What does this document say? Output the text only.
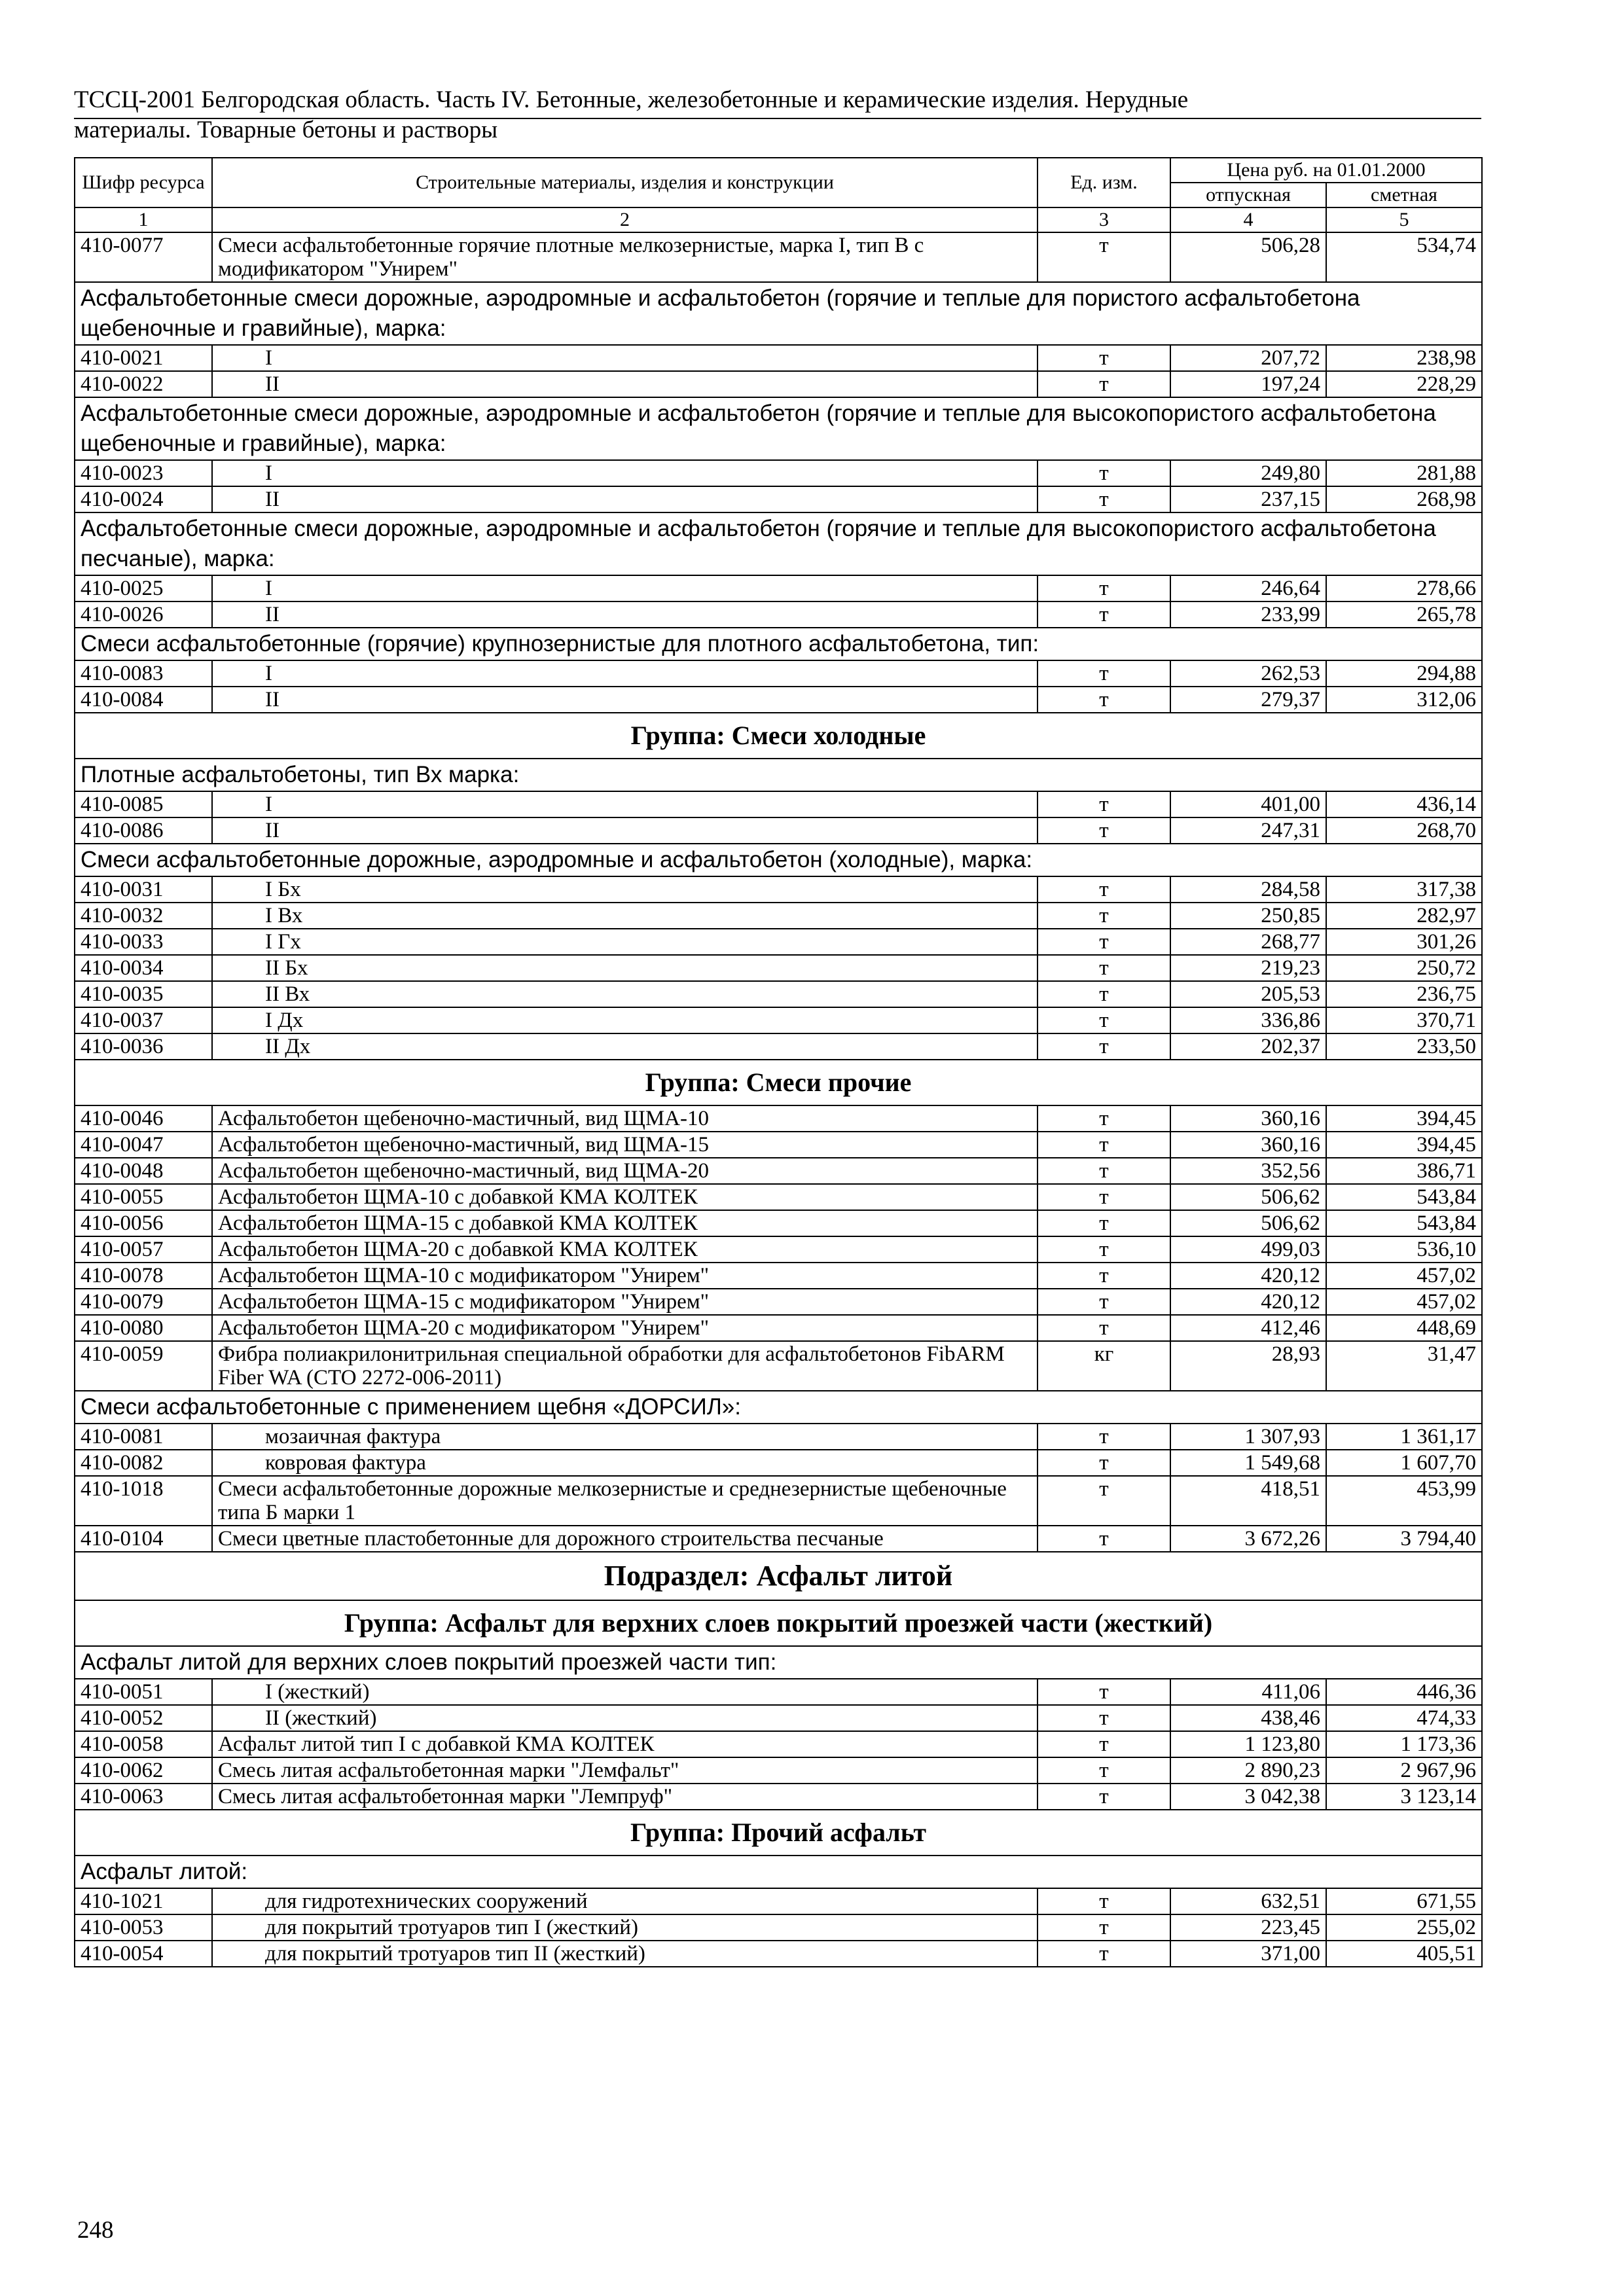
ТССЦ-2001 Белгородская область. Часть IV. Бетонные, железобетонные и керамические изделия. Нерудные
материалы. Товарные бетоны и растворы
Шифр ресурса	Строительные материалы, изделия и конструкции	Ед. изм.	Цена руб. на 01.01.2000	
			отпускная	сметная
1	2	3	4	5
410-0077	Смеси асфальтобетонные горячие плотные мелкозернистые, марка I, тип В с модификатором "Унирем"	т	506,28	534,74
Асфальтобетонные смеси дорожные, аэродромные и асфальтобетон (горячие и теплые для пористого асфальтобетона щебеночные и гравийные), марка:				
410-0021	I	т	207,72	238,98
410-0022	II	т	197,24	228,29
Асфальтобетонные смеси дорожные, аэродромные и асфальтобетон (горячие и теплые для высокопористого асфальтобетона щебеночные и гравийные), марка:				
410-0023	I	т	249,80	281,88
410-0024	II	т	237,15	268,98
Асфальтобетонные смеси дорожные, аэродромные и асфальтобетон (горячие и теплые для высокопористого асфальтобетона песчаные), марка:				
410-0025	I	т	246,64	278,66
410-0026	II	т	233,99	265,78
Смеси асфальтобетонные (горячие) крупнозернистые для плотного асфальтобетона, тип:				
410-0083	I	т	262,53	294,88
410-0084	II	т	279,37	312,06
Группа: Смеси холодные				
Плотные асфальтобетоны, тип Вх марка:				
410-0085	I	т	401,00	436,14
410-0086	II	т	247,31	268,70
Смеси асфальтобетонные дорожные, аэродромные и асфальтобетон (холодные), марка:				
410-0031	I Бх	т	284,58	317,38
410-0032	I Вх	т	250,85	282,97
410-0033	I Гх	т	268,77	301,26
410-0034	II Бх	т	219,23	250,72
410-0035	II Вх	т	205,53	236,75
410-0037	I Дх	т	336,86	370,71
410-0036	II Дх	т	202,37	233,50
Группа: Смеси прочие				
410-0046	Асфальтобетон щебеночно-мастичный, вид ЩМА-10	т	360,16	394,45
410-0047	Асфальтобетон щебеночно-мастичный, вид ЩМА-15	т	360,16	394,45
410-0048	Асфальтобетон щебеночно-мастичный, вид ЩМА-20	т	352,56	386,71
410-0055	Асфальтобетон ЩМА-10 с добавкой КМА КОЛТЕК	т	506,62	543,84
410-0056	Асфальтобетон ЩМА-15 с добавкой КМА КОЛТЕК	т	506,62	543,84
410-0057	Асфальтобетон ЩМА-20 с добавкой КМА КОЛТЕК	т	499,03	536,10
410-0078	Асфальтобетон ЩМА-10 с модификатором "Унирем"	т	420,12	457,02
410-0079	Асфальтобетон ЩМА-15 с модификатором "Унирем"	т	420,12	457,02
410-0080	Асфальтобетон ЩМА-20 с модификатором "Унирем"	т	412,46	448,69
410-0059	Фибра полиакрилонитрильная специальной обработки для асфальтобетонов FibARM Fiber WA (СТО 2272-006-2011)	кг	28,93	31,47
Смеси асфальтобетонные с применением щебня «ДОРСИЛ»:				
410-0081	мозаичная фактура	т	1 307,93	1 361,17
410-0082	ковровая фактура	т	1 549,68	1 607,70
410-1018	Смеси асфальтобетонные дорожные мелкозернистые и среднезернистые щебеночные типа Б марки 1	т	418,51	453,99
410-0104	Смеси цветные пластобетонные для дорожного строительства песчаные	т	3 672,26	3 794,40
Подраздел: Асфальт литой				
Группа: Асфальт для верхних слоев покрытий проезжей части (жесткий)				
Асфальт литой для верхних слоев покрытий проезжей части тип:				
410-0051	I (жесткий)	т	411,06	446,36
410-0052	II (жесткий)	т	438,46	474,33
410-0058	Асфальт литой тип I с добавкой КМА КОЛТЕК	т	1 123,80	1 173,36
410-0062	Смесь литая асфальтобетонная марки "Лемфальт"	т	2 890,23	2 967,96
410-0063	Смесь литая асфальтобетонная марки "Лемпруф"	т	3 042,38	3 123,14
Группа: Прочий асфальт				
Асфальт литой:				
410-1021	для гидротехнических сооружений	т	632,51	671,55
410-0053	для покрытий тротуаров тип I (жесткий)	т	223,45	255,02
410-0054	для покрытий тротуаров тип II (жесткий)	т	371,00	405,51
248
